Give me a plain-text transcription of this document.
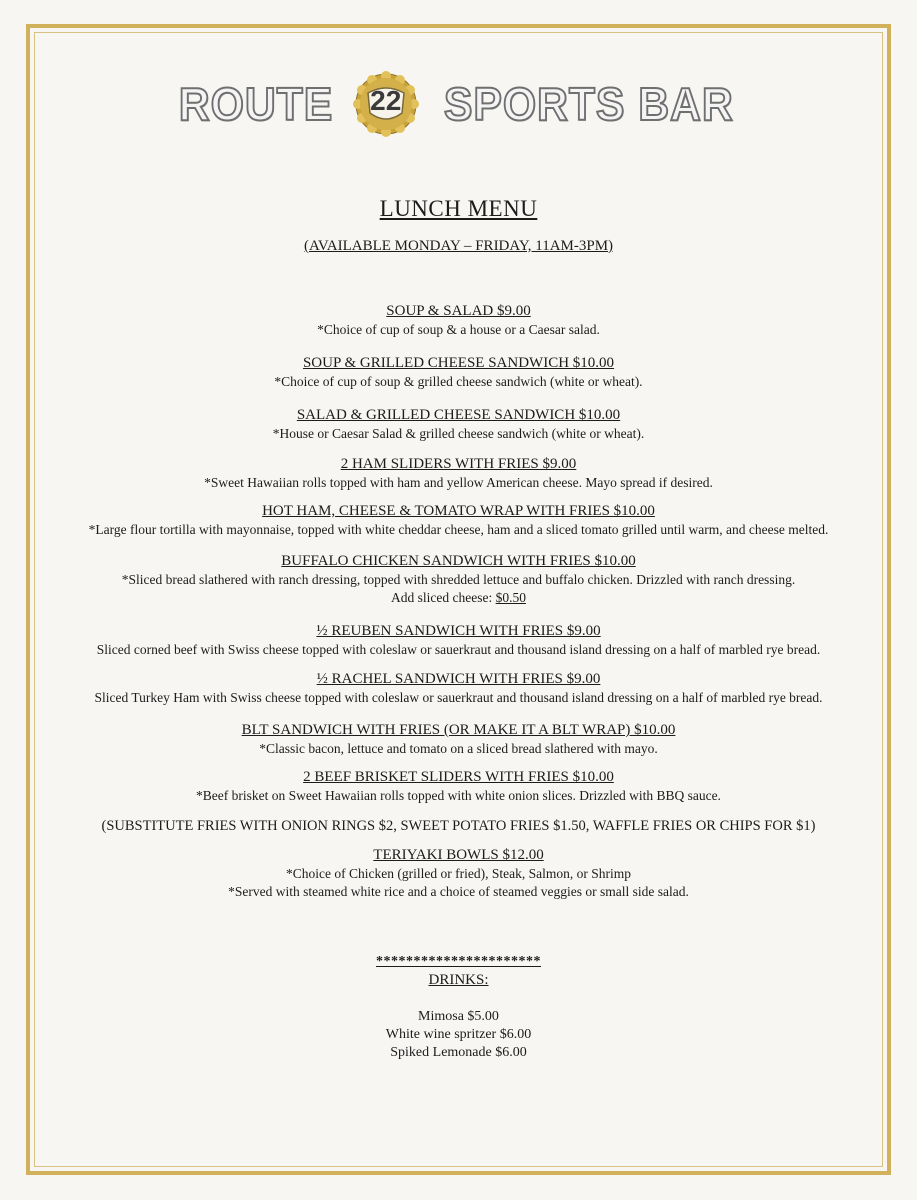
ROUTE	22 SPORTS BAR
LUNCH MENU
(AVAILABLE MONDAY – FRIDAY, 11AM-3PM)
SOUP & SALAD $9.00
*Choice of cup of soup & a house or a Caesar salad.
SOUP & GRILLED CHEESE SANDWICH $10.00
*Choice of cup of soup & grilled cheese sandwich (white or wheat).
SALAD & GRILLED CHEESE SANDWICH $10.00
*House or Caesar Salad & grilled cheese sandwich (white or wheat).
2 HAM SLIDERS WITH FRIES $9.00
*Sweet Hawaiian rolls topped with ham and yellow American cheese. Mayo spread if desired.
HOT HAM, CHEESE & TOMATO WRAP WITH FRIES $10.00
*Large flour tortilla with mayonnaise, topped with white cheddar cheese, ham and a sliced tomato grilled until warm, and cheese melted.
BUFFALO CHICKEN SANDWICH WITH FRIES $10.00
*Sliced bread slathered with ranch dressing, topped with shredded lettuce and buffalo chicken. Drizzled with ranch dressing.
Add sliced cheese: $0.50
½ REUBEN SANDWICH WITH FRIES $9.00
Sliced corned beef with Swiss cheese topped with coleslaw or sauerkraut and thousand island dressing on a half of marbled rye bread.
½ RACHEL SANDWICH WITH FRIES $9.00
Sliced Turkey Ham with Swiss cheese topped with coleslaw or sauerkraut and thousand island dressing on a half of marbled rye bread.
BLT SANDWICH WITH FRIES (OR MAKE IT A BLT WRAP) $10.00
*Classic bacon, lettuce and tomato on a sliced bread slathered with mayo.
2 BEEF BRISKET SLIDERS WITH FRIES $10.00
*Beef brisket on Sweet Hawaiian rolls topped with white onion slices. Drizzled with BBQ sauce.
(SUBSTITUTE FRIES WITH ONION RINGS $2, SWEET POTATO FRIES $1.50, WAFFLE FRIES OR CHIPS FOR $1)
TERIYAKI BOWLS $12.00
*Choice of Chicken (grilled or fried), Steak, Salmon, or Shrimp
*Served with steamed white rice and a choice of steamed veggies or small side salad.
**********************
DRINKS:
Mimosa $5.00
White wine spritzer $6.00
Spiked Lemonade $6.00
